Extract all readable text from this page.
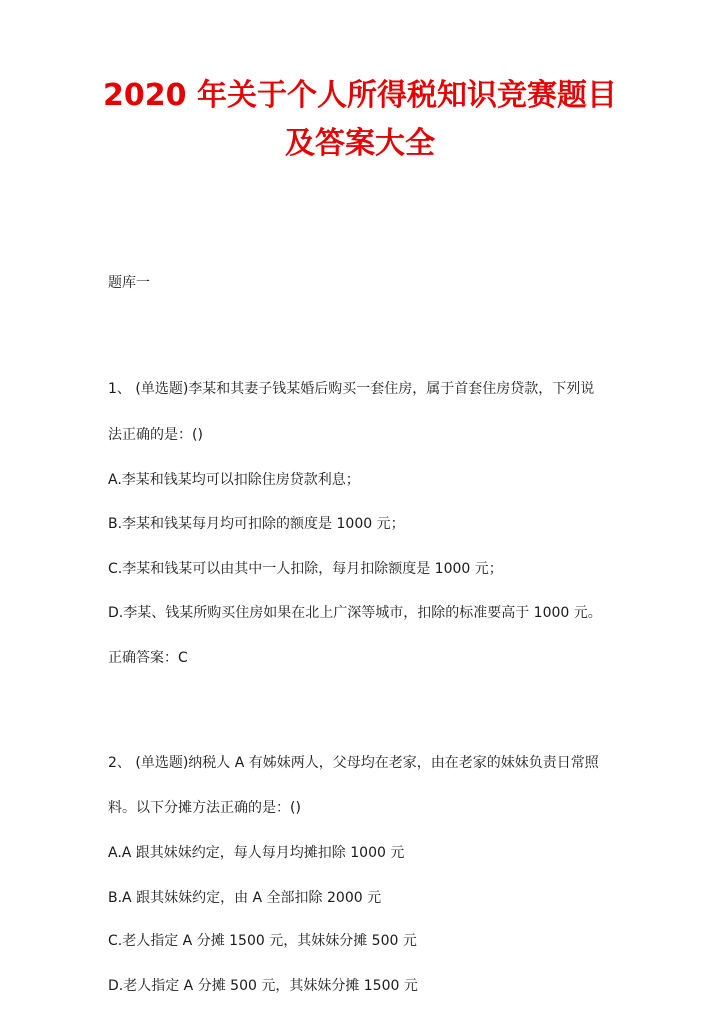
2020 年关于个人所得税知识竞赛题目
及答案大全
题库一
1、 (单选题)李某和其妻子钱某婚后购买一套住房，属于首套住房贷款，下列说
法正确的是：()
A.李某和钱某均可以扣除住房贷款利息；
B.李某和钱某每月均可扣除的额度是 1000 元；
C.李某和钱某可以由其中一人扣除，每月扣除额度是 1000 元；
D.李某、钱某所购买住房如果在北上广深等城市，扣除的标准要高于 1000 元。
正确答案：C
2、 (单选题)纳税人 A 有姊妹两人，父母均在老家，由在老家的妹妹负责日常照
料。以下分摊方法正确的是：()
A.A 跟其妹妹约定，每人每月均摊扣除 1000 元
B.A 跟其妹妹约定，由 A 全部扣除 2000 元
C.老人指定 A 分摊 1500 元，其妹妹分摊 500 元
D.老人指定 A 分摊 500 元，其妹妹分摊 1500 元
